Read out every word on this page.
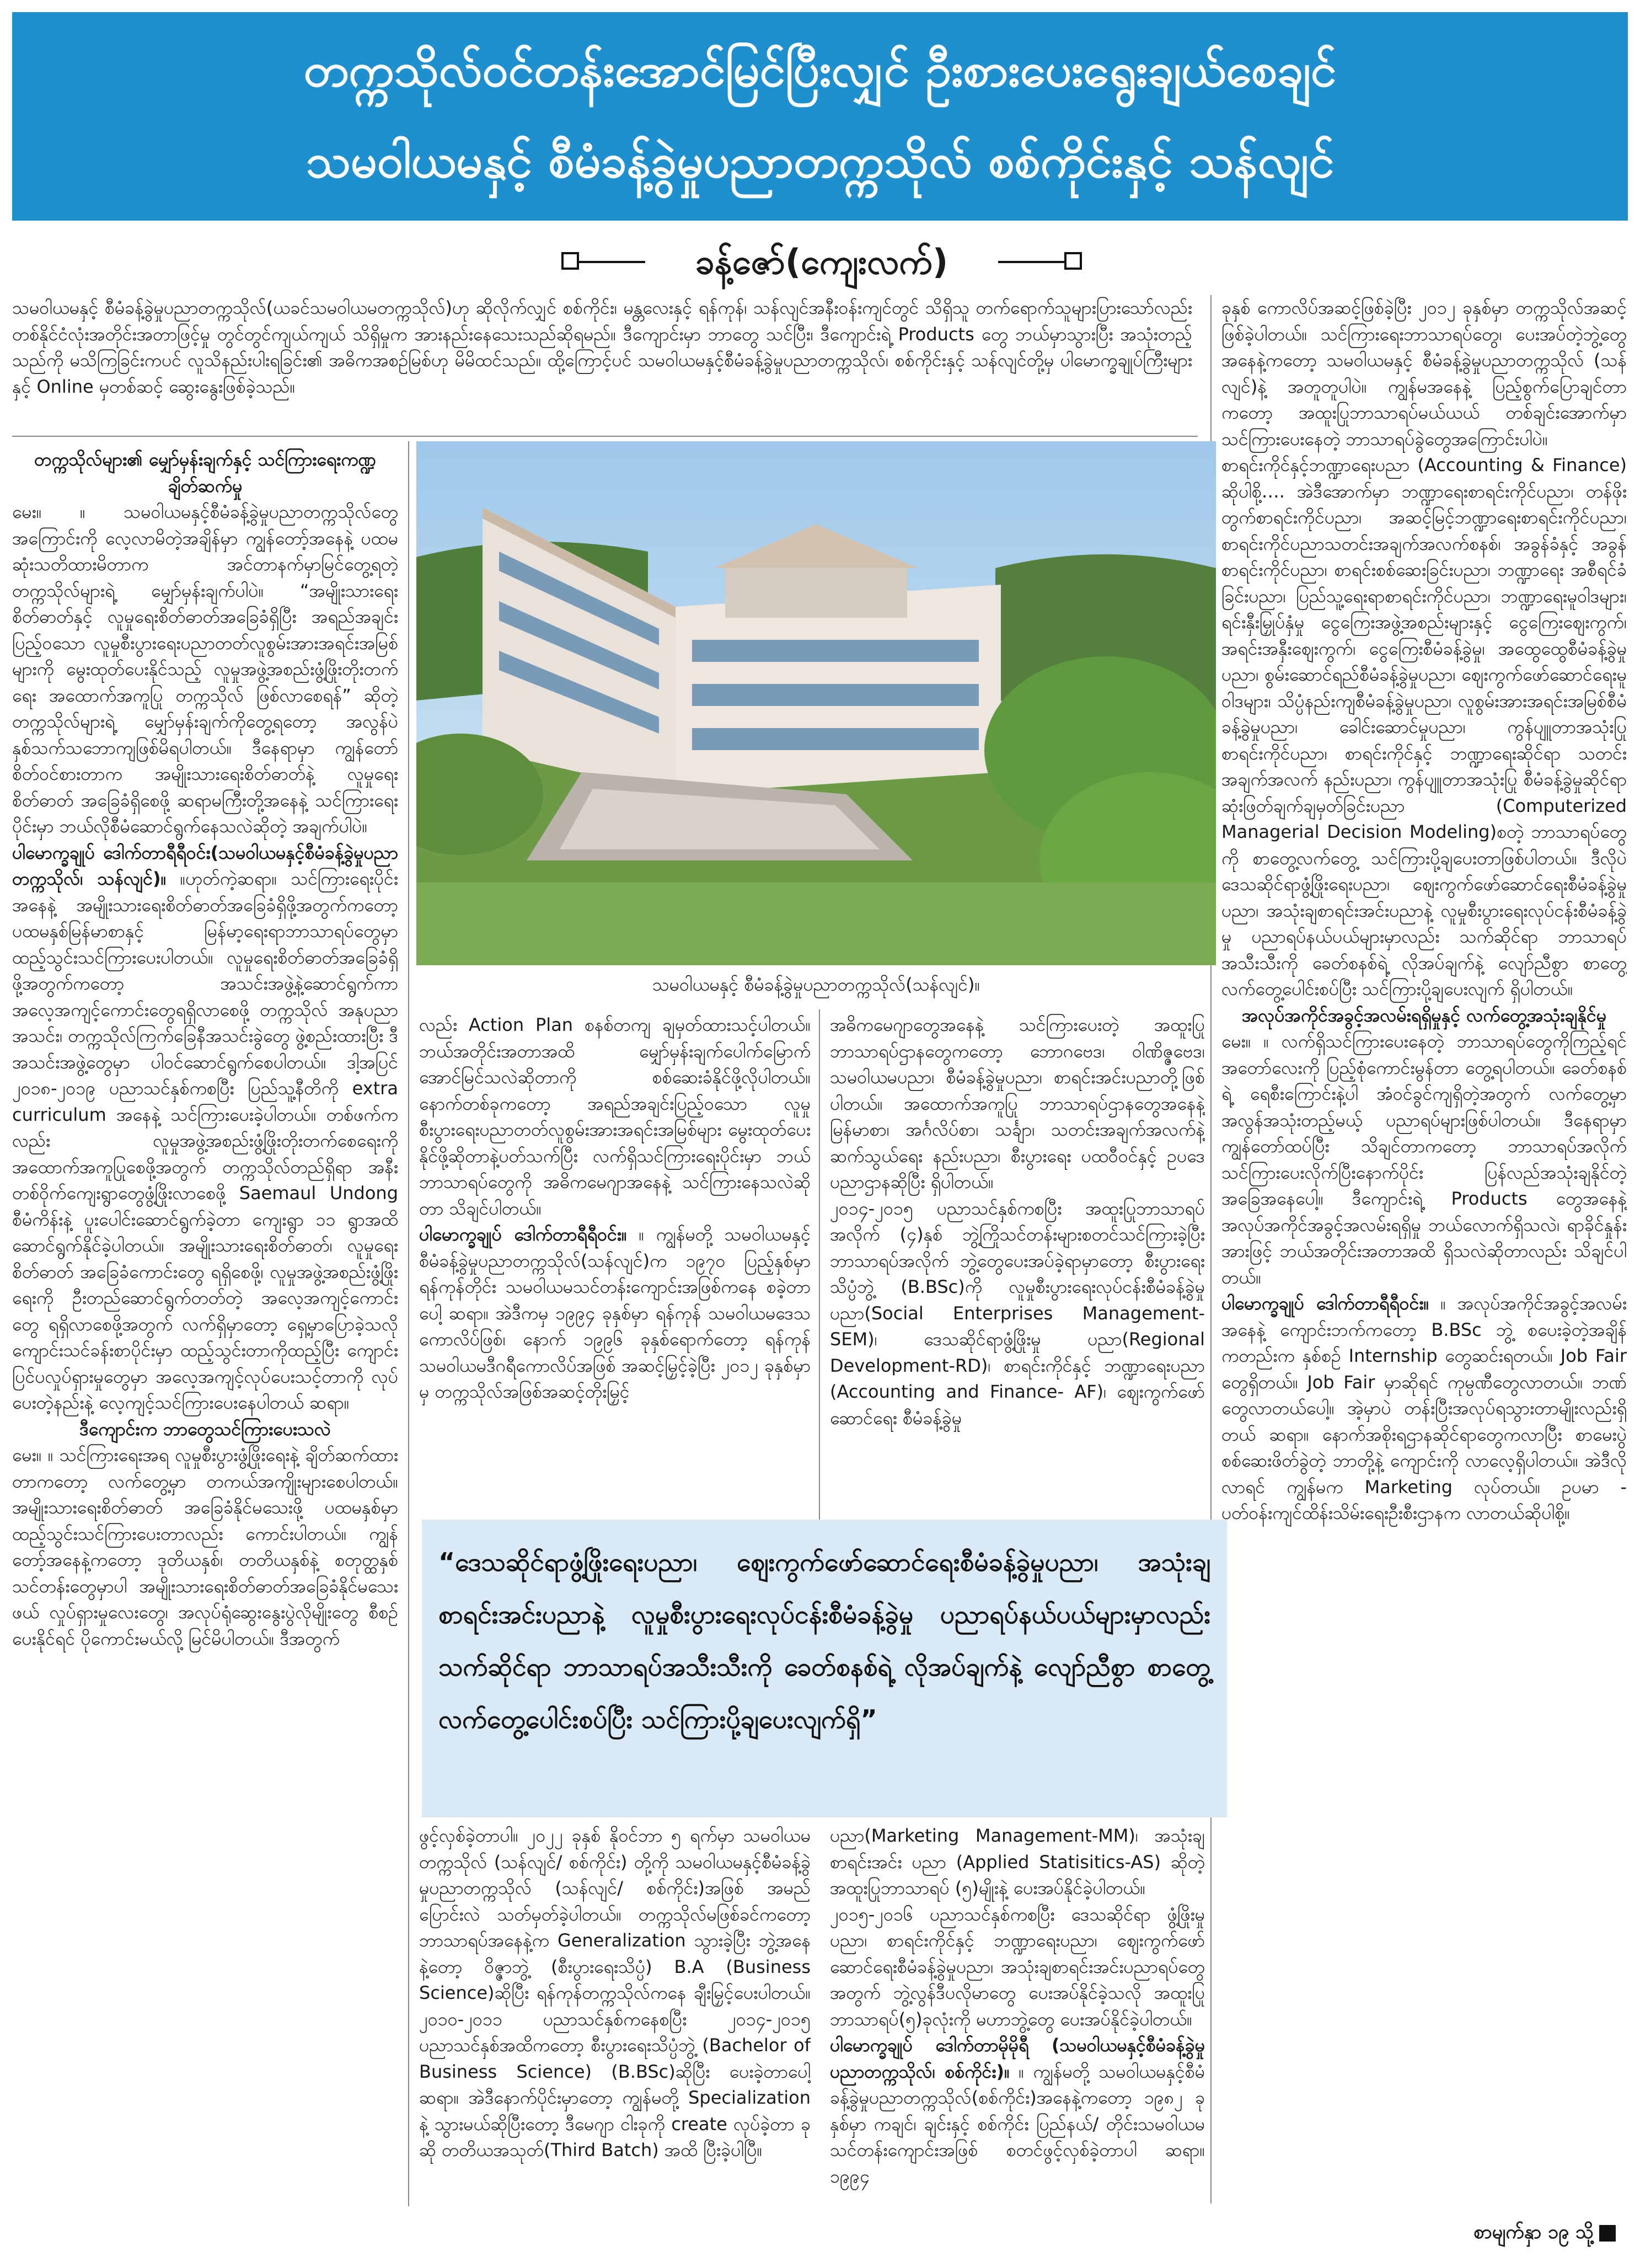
တက္ကသိုလ်ဝင်တန်းအောင်မြင်ပြီးလျှင် ဦးစားပေးရွေးချယ်စေချင်
သမဝါယမနှင့် စီမံခန့်ခွဲမှုပညာတက္ကသိုလ် စစ်ကိုင်းနှင့် သန်လျင်
ခန့်ဇော်(ကျေးလက်)

သမဝါယမနှင့် စီမံခန့်ခွဲမှုပညာတက္ကသိုလ်(ယခင်သမဝါယမတက္ကသိုလ်)ဟု ဆိုလိုက်လျှင် စစ်ကိုင်း၊ မန္တလေးနှင့် ရန်ကုန်၊ သန်လျင်အနီးဝန်းကျင်တွင် သိရှိသူ တက်ရောက်သူများပြားသော်လည်း တစ်နိုင်ငံလုံးအတိုင်းအတာဖြင့်မှု တွင်တွင်ကျယ်ကျယ် သိရှိမှုက အားနည်းနေသေးသည်ဆိုရမည်။ ဒီကျောင်းမှာ ဘာတွေ သင်ပြီး၊ ဒီကျောင်းရဲ့ Products တွေ ဘယ်မှာသွားပြီး အသုံးတည့်သည်ကို မသိကြခြင်းကပင် လူသိနည်းပါးရခြင်း၏ အဓိကအစဉ်မြစ်ဟု မိမိထင်သည်။ ထို့ကြောင့်ပင် သမဝါယမနှင့်စီမံခန့်ခွဲမှုပညာတက္ကသိုလ်၊ စစ်ကိုင်းနှင့် သန်လျင်တို့မှ ပါမောက္ခချုပ်ကြီးများနှင့် Online မှတစ်ဆင့် ဆွေးနွေးဖြစ်ခဲ့သည်။

တက္ကသိုလ်များ၏ မျှော်မှန်းချက်နှင့် သင်ကြားရေးကဏ္ဍချိတ်ဆက်မှု

မေး။ ။ သမဝါယမနှင့်စီမံခန့်ခွဲမှုပညာတက္ကသိုလ်တွေအကြောင်းကို လေ့လာမိတဲ့အချိန်မှာ ကျွန်တော့်အနေနဲ့ ပထမဆုံးသတိထားမိတာက အင်တာနက်မှာမြင်တွေ့ရတဲ့ တက္ကသိုလ်များရဲ့ မျှော်မှန်းချက်ပါပဲ။ “အမျိုးသားရေးစိတ်ဓာတ်နှင့် လူမှုရေးစိတ်ဓာတ်အခြေခံရှိပြီး အရည်အချင်းပြည့်ဝသော လူမှုစီးပွားရေးပညာတတ်လူစွမ်းအားအရင်းအမြစ်များကို မွေးထုတ်ပေးနိုင်သည့် လူမှုအဖွဲ့အစည်းဖွံ့ဖြိုးတိုးတက်ရေး အထောက်အကူပြု တက္ကသိုလ် ဖြစ်လာစေရန်” ဆိုတဲ့ တက္ကသိုလ်များရဲ့ မျှော်မှန်းချက်ကိုတွေ့ရတော့ အလွန်ပဲနှစ်သက်သဘောကျဖြစ်မိရပါတယ်။ ဒီနေရာမှာ ကျွန်တော် စိတ်ဝင်စားတာက အမျိုးသားရေးစိတ်ဓာတ်နဲ့ လူမှုရေးစိတ်ဓာတ် အခြေခံရှိစေဖို့ ဆရာမကြီးတို့အနေနဲ့ သင်ကြားရေးပိုင်းမှာ ဘယ်လိုစီမံဆောင်ရွက်နေသလဲဆိုတဲ့ အချက်ပါပဲ။

ပါမောက္ခချုပ် ဒေါက်တာရီရီဝင်း(သမဝါယမနှင့်စီမံခန့်ခွဲမှုပညာတက္ကသိုလ်၊ သန်လျင်)။ ။ဟုတ်ကဲ့ဆရာ။ သင်ကြားရေးပိုင်းအနေနဲ့ အမျိုးသားရေးစိတ်ဓာတ်အခြေခံရှိဖို့အတွက်ကတော့ ပထမနှစ်မြန်မာစာနှင့် မြန်မာ့ရေးရာဘာသာရပ်တွေမှာ ထည့်သွင်းသင်ကြားပေးပါတယ်။ လူမှုရေးစိတ်ဓာတ်အခြေခံရှိဖို့အတွက်ကတော့ အသင်းအဖွဲ့နဲ့ဆောင်ရွက်ကာ အလေ့အကျင့်ကောင်းတွေရရှိလာစေဖို့ တက္ကသိုလ် အနုပညာအသင်း၊ တက္ကသိုလ်ကြက်ခြေနီအသင်းခွဲတွေ ဖွဲ့စည်းထားပြီး ဒီအသင်းအဖွဲ့တွေမှာ ပါဝင်ဆောင်ရွက်စေပါတယ်။ ဒါ့အပြင် ၂၀၁၈-၂၀၁၉ ပညာသင်နှစ်ကစပြီး ပြည်သူ့နီတိကို extra curriculum အနေနဲ့ သင်ကြားပေးခဲ့ပါတယ်။ တစ်ဖက်ကလည်း လူမှုအဖွဲ့အစည်းဖွံ့ဖြိုးတိုးတက်စေရေးကို အထောက်အကူပြုစေဖို့အတွက် တက္ကသိုလ်တည်ရှိရာ အနီးတစ်ဝိုက်ကျေးရွာတွေဖွံ့ဖြိုးလာစေဖို့ Saemaul Undong စီမံကိန်းနဲ့ ပူးပေါင်းဆောင်ရွက်ခဲ့တာ ကျေးရွာ ၁၁ ရွာအထိ ဆောင်ရွက်နိုင်ခဲ့ပါတယ်။ အမျိုးသားရေးစိတ်ဓာတ်၊ လူမှုရေးစိတ်ဓာတ် အခြေခံကောင်းတွေ ရရှိစေဖို့၊ လူမှုအဖွဲ့အစည်းဖွံ့ဖြိုးရေးကို ဦးတည်ဆောင်ရွက်တတ်တဲ့ အလေ့အကျင့်ကောင်းတွေ ရရှိလာစေဖို့အတွက် လက်ရှိမှာတော့ ရှေ့မှာပြောခဲ့သလိုကျောင်းသင်ခန်းစာပိုင်းမှာ ထည့်သွင်းတာကိုထည့်ပြီး ကျောင်းပြင်ပလှုပ်ရှားမှုတွေမှာ အလေ့အကျင့်လုပ်ပေးသင့်တာကို လုပ်ပေးတဲ့နည်းနဲ့ လေ့ကျင့်သင်ကြားပေးနေပါတယ် ဆရာ။

ဒီကျောင်းက ဘာတွေသင်ကြားပေးသလဲ

မေး။ ။ သင်ကြားရေးအရ လူမှုစီးပွားဖွံ့ဖြိုးရေးနဲ့ ချိတ်ဆက်ထားတာကတော့ လက်တွေ့မှာ တကယ်အကျိုးများစေပါတယ်။ အမျိုးသားရေးစိတ်ဓာတ် အခြေခံနိုင်မသေးဖို့ ပထမနှစ်မှာ ထည့်သွင်းသင်ကြားပေးတာလည်း ကောင်းပါတယ်။ ကျွန်တော့်အနေနဲ့ကတော့ ဒုတိယနှစ်၊ တတိယနှစ်နဲ့ စတုတ္ထနှစ်သင်တန်းတွေမှာပါ အမျိုးသားရေးစိတ်ဓာတ်အခြေခံနိုင်မသေးဖယ် လှုပ်ရှားမှုလေးတွေ၊ အလုပ်ရုံဆွေးနွေးပွဲလိုမျိုးတွေ စီစဉ်ပေးနိုင်ရင် ပိုကောင်းမယ်လို့ မြင်မိပါတယ်။ ဒီအတွက်

သမဝါယမနှင့် စီမံခန့်ခွဲမှုပညာတက္ကသိုလ်(သန်လျင်)။

လည်း Action Plan စနစ်တကျ ချမှတ်ထားသင့်ပါတယ်။ ဘယ်အတိုင်းအတာအထိ မျှော်မှန်းချက်ပေါက်မြောက်အောင်မြင်သလဲဆိုတာကို စစ်ဆေးခံနိုင်ဖို့လိုပါတယ်။ နောက်တစ်ခုကတော့ အရည်အချင်းပြည့်ဝသော လူမှုစီးပွားရေးပညာတတ်လူစွမ်းအားအရင်းအမြစ်များ မွေးထုတ်ပေးနိုင်ဖို့ဆိုတာနဲ့ပတ်သက်ပြီး လက်ရှိသင်ကြားရေးပိုင်းမှာ ဘယ်ဘာသာရပ်တွေကို အဓိကမေဂျာအနေနဲ့ သင်ကြားနေသလဲဆိုတာ သိချင်ပါတယ်။

ပါမောက္ခချုပ် ဒေါက်တာရီရီဝင်း။ ။ ကျွန်မတို့ သမဝါယမနှင့် စီမံခန့်ခွဲမှုပညာတက္ကသိုလ်(သန်လျင်)က ၁၉၇၀ ပြည့်နှစ်မှာ ရန်ကုန်တိုင်း သမဝါယမသင်တန်းကျောင်းအဖြစ်ကနေ စခဲ့တာပေါ့ ဆရာ။ အဲဒီကမှ ၁၉၉၄ ခုနှစ်မှာ ရန်ကုန် သမဝါယမဒေသကောလိပ်ဖြစ်၊ နောက် ၁၉၉၆ ခုနှစ်ရောက်တော့ ရန်ကုန်သမဝါယမဒီဂရီကောလိပ်အဖြစ် အဆင့်မြှင့်ခဲ့ပြီး ၂၀၁၂ ခုနှစ်မှာမှ တက္ကသိုလ်အဖြစ်အဆင့်တိုးမြှင့်

အဓိကမေဂျာတွေအနေနဲ့ သင်ကြားပေးတဲ့ အထူးပြုဘာသာရပ်ဌာနတွေကတော့ ဘောဂဗေဒ၊ ဝါဏိဇ္ဇဗေဒ၊ သမဝါယမပညာ၊ စီမံခန့်ခွဲမှုပညာ၊ စာရင်းအင်းပညာတို့ဖြစ်ပါတယ်။ အထောက်အကူပြု ဘာသာရပ်ဌာနတွေအနေနဲ့ မြန်မာစာ၊ အင်္ဂလိပ်စာ၊ သင်္ချာ၊ သတင်းအချက်အလက်နဲ့ ဆက်သွယ်ရေး နည်းပညာ၊ စီးပွားရေး ပထဝီဝင်နှင့် ဥပဒေပညာဌာနဆိုပြီး ရှိပါတယ်။

၂၀၁၄-၂၀၁၅ ပညာသင်နှစ်ကစပြီး အထူးပြုဘာသာရပ်အလိုက် (၄)နှစ် ဘွဲ့ကြိုသင်တန်းများစတင်သင်ကြားခဲ့ပြီး ဘာသာရပ်အလိုက် ဘွဲ့တွေပေးအပ်ခဲ့ရာမှာတော့ စီးပွားရေးသိပ္ပံဘွဲ့ (B.BSc)ကို လူမှုစီးပွားရေးလုပ်ငန်းစီမံခန့်ခွဲမှုပညာ(Social Enterprises Management- SEM)၊ ဒေသဆိုင်ရာဖွံ့ဖြိုးမှု ပညာ(Regional Development-RD)၊ စာရင်းကိုင်နှင့် ဘဏ္ဍာရေးပညာ (Accounting and Finance- AF)၊ ဈေးကွက်ဖော်ဆောင်ရေး စီမံခန့်ခွဲမှု

“ဒေသဆိုင်ရာဖွံ့ဖြိုးရေးပညာ၊ ဈေးကွက်ဖော်ဆောင်ရေးစီမံခန့်ခွဲမှုပညာ၊ အသုံးချစာရင်းအင်းပညာနဲ့ လူမှုစီးပွားရေးလုပ်ငန်းစီမံခန့်ခွဲမှု ပညာရပ်နယ်ပယ်များမှာလည်း သက်ဆိုင်ရာ ဘာသာရပ်အသီးသီးကို ခေတ်စနစ်ရဲ့ လိုအပ်ချက်နဲ့ လျော်ညီစွာ စာတွေ့လက်တွေ့ပေါင်းစပ်ပြီး သင်ကြားပို့ချပေးလျက်ရှိ”

ဖွင့်လှစ်ခဲ့တာပါ။ ၂၀၂၂ ခုနှစ် နိုဝင်ဘာ ၅ ရက်မှာ သမဝါယမတက္ကသိုလ် (သန်လျင်/ စစ်ကိုင်း) တို့ကို သမဝါယမနှင့်စီမံခန့်ခွဲမှုပညာတက္ကသိုလ် (သန်လျင်/ စစ်ကိုင်း)အဖြစ် အမည်ပြောင်းလဲ သတ်မှတ်ခဲ့ပါတယ်။ တက္ကသိုလ်မဖြစ်ခင်ကတော့ ဘာသာရပ်အနေနဲ့က Generalization သွားခဲ့ပြီး ဘွဲ့အနေနဲ့တော့ ဝိဇ္ဇာဘွဲ့ (စီးပွားရေးသိပ္ပံ) B.A (Business Science)ဆိုပြီး ရန်ကုန်တက္ကသိုလ်ကနေ ချီးမြှင့်ပေးပါတယ်။ ၂၀၁၀-၂၀၁၁ ပညာသင်နှစ်ကနေစပြီး ၂၀၁၄-၂၀၁၅ ပညာသင်နှစ်အထိကတော့ စီးပွားရေးသိပ္ပံဘွဲ့ (Bachelor of Business Science) (B.BSc)ဆိုပြီး ပေးခဲ့တာပေါ့ ဆရာ။ အဲဒီနောက်ပိုင်းမှာတော့ ကျွန်မတို့ Specialization နဲ့ သွားမယ်ဆိုပြီးတော့ ဒီမေဂျာ ငါးခုကို create လုပ်ခဲ့တာ ခုဆို တတိယအသုတ်(Third Batch) အထိ ပြီးခဲ့ပါပြီ။

ပညာ(Marketing Management-MM)၊ အသုံးချစာရင်းအင်း ပညာ (Applied Statisitics-AS) ဆိုတဲ့ အထူးပြုဘာသာရပ် (၅)မျိုးနဲ့ ပေးအပ်နိုင်ခဲ့ပါတယ်။

၂၀၁၅-၂၀၁၆ ပညာသင်နှစ်ကစပြီး ဒေသဆိုင်ရာ ဖွံ့ဖြိုးမှုပညာ၊ စာရင်းကိုင်နှင့် ဘဏ္ဍာရေးပညာ၊ ဈေးကွက်ဖော်ဆောင်ရေးစီမံခန့်ခွဲမှုပညာ၊ အသုံးချစာရင်းအင်းပညာရပ်တွေအတွက် ဘွဲ့လွန်ဒီပလိုမာတွေ ပေးအပ်နိုင်ခဲ့သလို အထူးပြုဘာသာရပ်(၅)ခုလုံးကို မဟာဘွဲ့တွေ ပေးအပ်နိုင်ခဲ့ပါတယ်။

ပါမောက္ခချုပ် ဒေါက်တာမိုမိုရီ (သမဝါယမနှင့်စီမံခန့်ခွဲမှုပညာတက္ကသိုလ်၊ စစ်ကိုင်း)။ ။ ကျွန်မတို့ သမဝါယမနှင့်စီမံခန့်ခွဲမှုပညာတက္ကသိုလ်(စစ်ကိုင်း)အနေနဲ့ကတော့ ၁၉၈၂ ခုနှစ်မှာ ကချင်၊ ချင်းနှင့် စစ်ကိုင်း ပြည်နယ်/ တိုင်းသမဝါယမသင်တန်းကျောင်းအဖြစ် စတင်ဖွင့်လှစ်ခဲ့တာပါ ဆရာ။ ၁၉၉၄

ခုနှစ် ကောလိပ်အဆင့်ဖြစ်ခဲ့ပြီး ၂၀၁၂ ခုနှစ်မှာ တက္ကသိုလ်အဆင့် ဖြစ်ခဲ့ပါတယ်။ သင်ကြားရေးဘာသာရပ်တွေ၊ ပေးအပ်တဲ့ဘွဲ့တွေအနေနဲ့ကတော့ သမဝါယမနှင့် စီမံခန့်ခွဲမှုပညာတက္ကသိုလ် (သန်လျင်)နဲ့ အတူတူပါပဲ။ ကျွန်မအနေနဲ့ ပြည့်စွက်ပြောချင်တာကတော့ အထူးပြုဘာသာရပ်မယ်ယယ် တစ်ချင်းအောက်မှာ သင်ကြားပေးနေတဲ့ ဘာသာရပ်ခွဲတွေအကြောင်းပါပဲ။

စာရင်းကိုင်နှင့်ဘဏ္ဍာရေးပညာ (Accounting & Finance) ဆိုပါစို့…. အဲဒီအောက်မှာ ဘဏ္ဍာရေးစာရင်းကိုင်ပညာ၊ တန်ဖိုးတွက်စာရင်းကိုင်ပညာ၊ အဆင့်မြင့်ဘဏ္ဍာရေးစာရင်းကိုင်ပညာ၊ စာရင်းကိုင်ပညာသတင်းအချက်အလက်စနစ်၊ အခွန်ခံနှင့် အခွန်စာရင်းကိုင်ပညာ၊ စာရင်းစစ်ဆေးခြင်းပညာ၊ ဘဏ္ဍာရေး အစီရင်ခံခြင်းပညာ၊ ပြည်သူ့ရေးရာစာရင်းကိုင်ပညာ၊ ဘဏ္ဍာရေးမူဝါဒများ၊ ရင်းနှီးမြှုပ်နှံမှု ငွေကြေးအဖွဲ့အစည်းများနှင့် ငွေကြေးဈေးကွက်၊ အရင်းအနှီးဈေးကွက်၊ ငွေကြေးစီမံခန့်ခွဲမှု၊ အထွေထွေစီမံခန့်ခွဲမှုပညာ၊ စွမ်းဆောင်ရည်စီမံခန့်ခွဲမှုပညာ၊ ဈေးကွက်ဖော်ဆောင်ရေးမူဝါဒများ၊ သိပ္ပံနည်းကျစီမံခန့်ခွဲမှုပညာ၊ လူစွမ်းအားအရင်းအမြစ်စီမံခန့်ခွဲမှုပညာ၊ ခေါင်းဆောင်မှုပညာ၊ ကွန်ပျူတာအသုံးပြု စာရင်းကိုင်ပညာ၊ စာရင်းကိုင်နှင့် ဘဏ္ဍာရေးဆိုင်ရာ သတင်းအချက်အလက် နည်းပညာ၊ ကွန်ပျူတာအသုံးပြု စီမံခန့်ခွဲမှုဆိုင်ရာ ဆုံးဖြတ်ချက်ချမှတ်ခြင်းပညာ (Computerized Managerial Decision Modeling)စတဲ့ ဘာသာရပ်တွေကို စာတွေ့လက်တွေ့ သင်ကြားပို့ချပေးတာဖြစ်ပါတယ်။ ဒီလိုပဲ ဒေသဆိုင်ရာဖွံ့ဖြိုးရေးပညာ၊ ဈေးကွက်ဖော်ဆောင်ရေးစီမံခန့်ခွဲမှုပညာ၊ အသုံးချစာရင်းအင်းပညာနဲ့ လူမှုစီးပွားရေးလုပ်ငန်းစီမံခန့်ခွဲမှု ပညာရပ်နယ်ပယ်များမှာလည်း သက်ဆိုင်ရာ ဘာသာရပ်အသီးသီးကို ခေတ်စနစ်ရဲ့ လိုအပ်ချက်နဲ့ လျော်ညီစွာ စာတွေ့လက်တွေ့ပေါင်းစပ်ပြီး သင်ကြားပို့ချပေးလျက် ရှိပါတယ်။

အလုပ်အကိုင်အခွင့်အလမ်းရရှိမှုနှင့် လက်တွေ့အသုံးချနိုင်မှု

မေး။ ။ လက်ရှိသင်ကြားပေးနေတဲ့ ဘာသာရပ်တွေကိုကြည့်ရင် အတော်လေးကို ပြည့်စုံကောင်းမွန်တာ တွေ့ရပါတယ်။ ခေတ်စနစ်ရဲ့ ရေစီးကြောင်းနဲ့ပါ အံဝင်ခွင်ကျရှိတဲ့အတွက် လက်တွေ့မှာ အလွန်အသုံးတည့်မယ့် ပညာရပ်များဖြစ်ပါတယ်။ ဒီနေရာမှာ ကျွန်တော်ထပ်ပြီး သိချင်တာကတော့ ဘာသာရပ်အလိုက်သင်ကြားပေးလိုက်ပြီးနောက်ပိုင်း ပြန်လည်အသုံးချနိုင်တဲ့အခြေအနေပေါ့။ ဒီကျောင်းရဲ့ Products တွေအနေနဲ့ အလုပ်အကိုင်အခွင့်အလမ်းရရှိမှု ဘယ်လောက်ရှိသလဲ၊ ရာခိုင်နှုန်းအားဖြင့် ဘယ်အတိုင်းအတာအထိ ရှိသလဲဆိုတာလည်း သိချင်ပါတယ်။

ပါမောက္ခချုပ် ဒေါက်တာရီရီဝင်း။ ။ အလုပ်အကိုင်အခွင့်အလမ်းအနေနဲ့ ကျောင်းဘက်ကတော့ B.BSc ဘွဲ့ စပေးခဲ့တဲ့အချိန်ကတည်းက နှစ်စဉ် Internship တွေဆင်းရတယ်။ Job Fair တွေရှိတယ်။ Job Fair မှာဆိုရင် ကုမ္ပဏီတွေလာတယ်။ ဘဏ်တွေလာတယ်ပေါ့။ အဲ့မှာပဲ တန်းပြီးအလုပ်ရသွားတာမျိုးလည်းရှိတယ် ဆရာ။ နောက်အစိုးရဌာနဆိုင်ရာတွေကလာပြီး စာမေးပွဲစစ်ဆေးဖိတ်ခွဲတဲ့ ဘာတို့နဲ့ ကျောင်းကို လာလေ့ရှိပါတယ်။ အဲဒီလိုလာရင် ကျွန်မက Marketing လုပ်တယ်။ ဥပမာ - ပတ်ဝန်းကျင်ထိန်းသိမ်းရေးဦးစီးဌာနက လာတယ်ဆိုပါစို့။

စာမျက်နှာ ၁၉ သို့
